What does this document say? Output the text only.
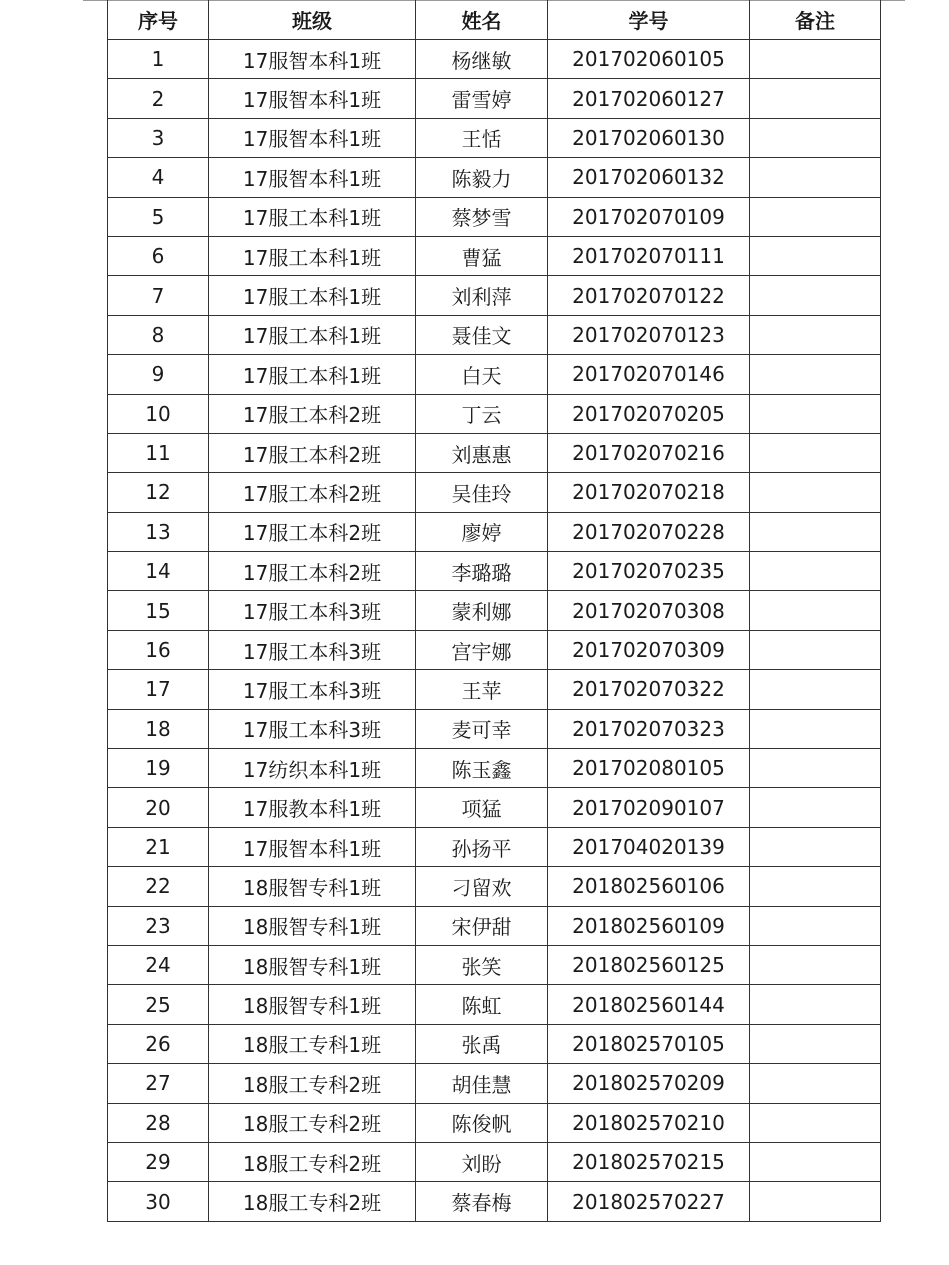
序号	班级	姓名	学号	备注
1	17服智本科1班	杨继敏	201702060105	
2	17服智本科1班	雷雪婷	201702060127	
3	17服智本科1班	王恬	201702060130	
4	17服智本科1班	陈毅力	201702060132	
5	17服工本科1班	蔡梦雪	201702070109	
6	17服工本科1班	曹猛	201702070111	
7	17服工本科1班	刘利萍	201702070122	
8	17服工本科1班	聂佳文	201702070123	
9	17服工本科1班	白天	201702070146	
10	17服工本科2班	丁云	201702070205	
11	17服工本科2班	刘惠惠	201702070216	
12	17服工本科2班	吴佳玲	201702070218	
13	17服工本科2班	廖婷	201702070228	
14	17服工本科2班	李璐璐	201702070235	
15	17服工本科3班	蒙利娜	201702070308	
16	17服工本科3班	宫宇娜	201702070309	
17	17服工本科3班	王苹	201702070322	
18	17服工本科3班	麦可幸	201702070323	
19	17纺织本科1班	陈玉鑫	201702080105	
20	17服教本科1班	项猛	201702090107	
21	17服智本科1班	孙扬平	201704020139	
22	18服智专科1班	刁留欢	201802560106	
23	18服智专科1班	宋伊甜	201802560109	
24	18服智专科1班	张笑	201802560125	
25	18服智专科1班	陈虹	201802560144	
26	18服工专科1班	张禹	201802570105	
27	18服工专科2班	胡佳慧	201802570209	
28	18服工专科2班	陈俊帆	201802570210	
29	18服工专科2班	刘盼	201802570215	
30	18服工专科2班	蔡春梅	201802570227	
